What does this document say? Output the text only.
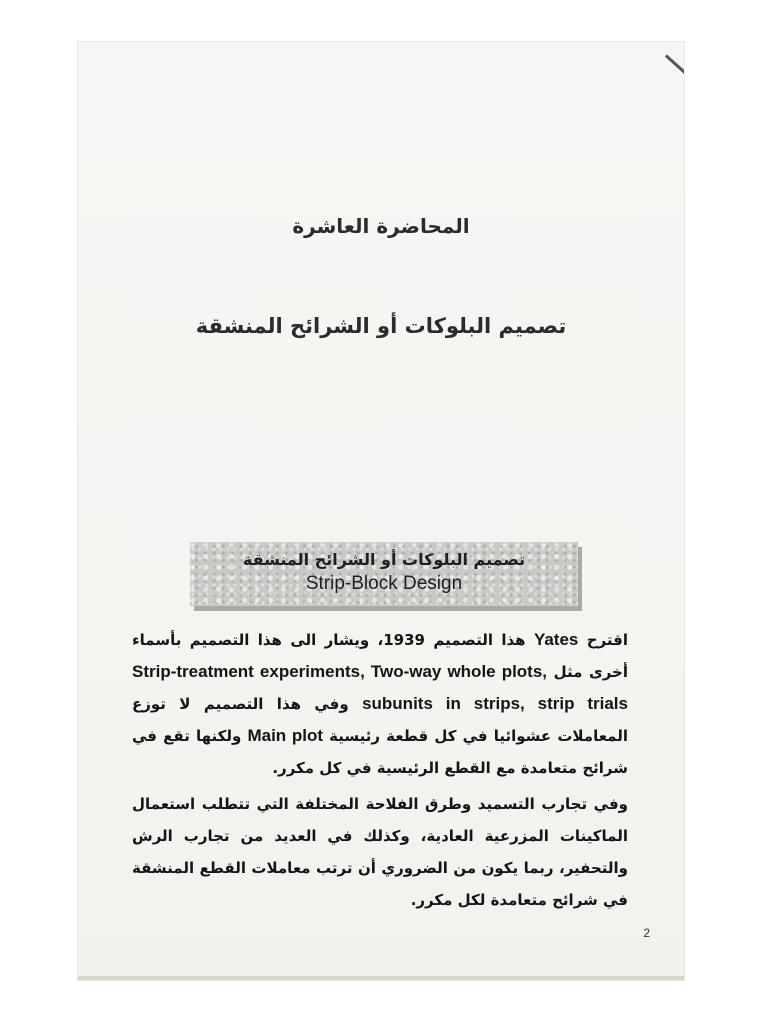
المحاضرة العاشرة
تصميم البلوكات أو الشرائح المنشقة
تصميم البلوكات أو الشرائح المنشقة
Strip-Block Design

اقترح Yates هذا التصميم 1939، ويشار الى هذا التصميم بأسماء أخرى مثل Strip-treatment experiments, Two-way whole plots, subunits in strips, strip trials وفي هذا التصميم لا توزع المعاملات عشوائيا في كل قطعة رئيسية Main plot ولكنها تقع في شرائح متعامدة مع القطع الرئيسية في كل مكرر.

وفي تجارب التسميد وطرق الفلاحة المختلفة التي تتطلب استعمال الماكينات المزرعية العادية، وكذلك في العديد من تجارب الرش والتحفير، ربما يكون من الضروري أن ترتب معاملات القطع المنشقة في شرائح متعامدة لكل مكرر.

2
